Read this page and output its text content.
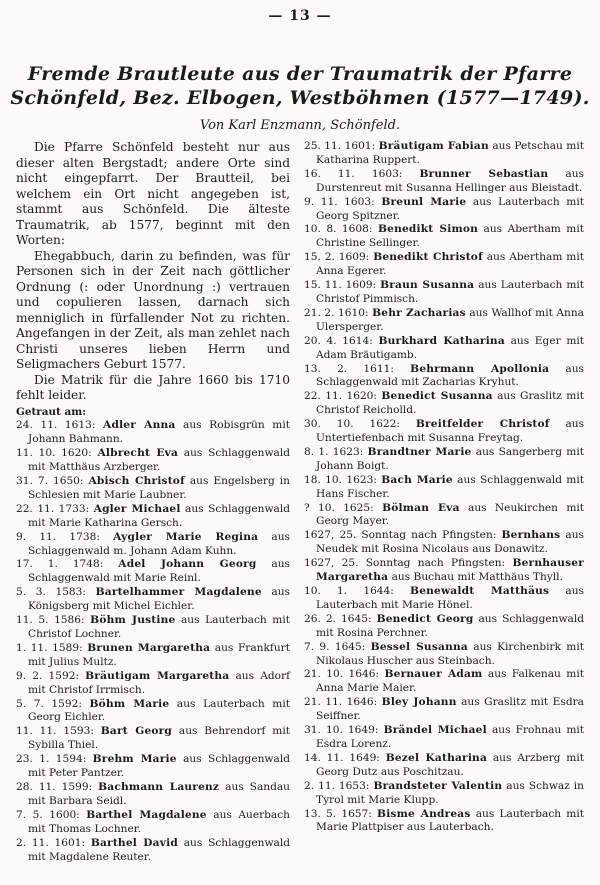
— 13 —
Fremde Brautleute aus der Traumatrik der Pfarre
Schönfeld, Bez. Elbogen, Westböhmen (1577—1749).
Von Karl Enzmann, Schönfeld.

Die Pfarre Schönfeld besteht nur aus dieser alten Bergstadt; andere Orte sind nicht eingepfarrt. Der Brautteil, bei welchem ein Ort nicht angegeben ist, stammt aus Schönfeld. Die älteste Traumatrik, ab 1577, beginnt mit den Worten:

Ehegabbuch, darin zu befinden, was für Personen sich in der Zeit nach göttlicher Ordnung (: oder Unordnung :) vertrauen und copulieren lassen, darnach sich menniglich in fürfallender Not zu richten. Angefangen in der Zeit, als man zehlet nach Christi unseres lieben Herrn und Seligmachers Geburt 1577.

Die Matrik für die Jahre 1660 bis 1710 fehlt leider.

Getraut am:

24. 11. 1613: Adler Anna aus Robisgrün mit Johann Bahmann.

11. 10. 1620: Albrecht Eva aus Schlaggenwald mit Matthäus Arzberger.

31. 7. 1650: Abisch Christof aus Engelsberg in Schlesien mit Marie Laubner.

22. 11. 1733: Agler Michael aus Schlaggenwald mit Marie Katharina Gersch.

9. 11. 1738: Aygler Marie Regina aus Schlaggenwald m. Johann Adam Kuhn.

17. 1. 1748: Adel Johann Georg aus Schlaggenwald mit Marie Reinl.

5. 3. 1583: Bartelhammer Magdalene aus Königsberg mit Michel Eichler.

11. 5. 1586: Böhm Justine aus Lauterbach mit Christof Lochner.

1. 11. 1589: Brunen Margaretha aus Frankfurt mit Julius Multz.

9. 2. 1592: Bräutigam Margaretha aus Adorf mit Christof Irrmisch.

5. 7. 1592: Böhm Marie aus Lauterbach mit Georg Eichler.

11. 11. 1593: Bart Georg aus Behrendorf mit Sybilla Thiel.

23. 1. 1594: Brehm Marie aus Schlaggenwald mit Peter Pantzer.

28. 11. 1599: Bachmann Laurenz aus Sandau mit Barbara Seidl.

7. 5. 1600: Barthel Magdalene aus Auerbach mit Thomas Lochner.

2. 11. 1601: Barthel David aus Schlaggenwald mit Magdalene Reuter.

25. 11. 1601: Bräutigam Fabian aus Petschau mit Katharina Ruppert.

16. 11. 1603: Brunner Sebastian aus Durstenreut mit Susanna Hellinger aus Bleistadt.

9. 11. 1603: Breunl Marie aus Lauterbach mit Georg Spitzner.

10. 8. 1608: Benedikt Simon aus Abertham mit Christine Sellinger.

15. 2. 1609: Benedikt Christof aus Abertham mit Anna Egerer.

15. 11. 1609: Braun Susanna aus Lauterbach mit Christof Pimmisch.

21. 2. 1610: Behr Zacharias aus Wallhof mit Anna Ulersperger.

20. 4. 1614: Burkhard Katharina aus Eger mit Adam Bräutigamb.

13. 2. 1611: Behrmann Apollonia aus Schlaggenwald mit Zacharias Kryhut.

22. 11. 1620: Benedict Susanna aus Graslitz mit Christof Reicholld.

30. 10. 1622: Breitfelder Christof aus Untertiefenbach mit Susanna Freytag.

8. 1. 1623: Brandtner Marie aus Sangerberg mit Johann Boigt.

18. 10. 1623: Bach Marie aus Schlaggenwald mit Hans Fischer.

? 10. 1625: Bölman Eva aus Neukirchen mit Georg Mayer.

1627, 25. Sonntag nach Pfingsten: Bernhans aus Neudek mit Rosina Nicolaus aus Donawitz.

1627, 25. Sonntag nach Pfingsten: Bernhauser Margaretha aus Buchau mit Matthäus Thyll.

10. 1. 1644: Benewaldt Matthäus aus Lauterbach mit Marie Hönel.

26. 2. 1645: Benedict Georg aus Schlaggenwald mit Rosina Perchner.

7. 9. 1645: Bessel Susanna aus Kirchenbirk mit Nikolaus Huscher aus Steinbach.

21. 10. 1646: Bernauer Adam aus Falkenau mit Anna Marie Maier.

21. 11. 1646: Bley Johann aus Graslitz mit Esdra Seiffner.

31. 10. 1649: Brändel Michael aus Frohnau mit Esdra Lorenz.

14. 11. 1649: Bezel Katharina aus Arzberg mit Georg Dutz aus Poschitzau.

2. 11. 1653: Brandsteter Valentin aus Schwaz in Tyrol mit Marie Klupp.

13. 5. 1657: Bisme Andreas aus Lauterbach mit Marie Plattpiser aus Lauterbach.
